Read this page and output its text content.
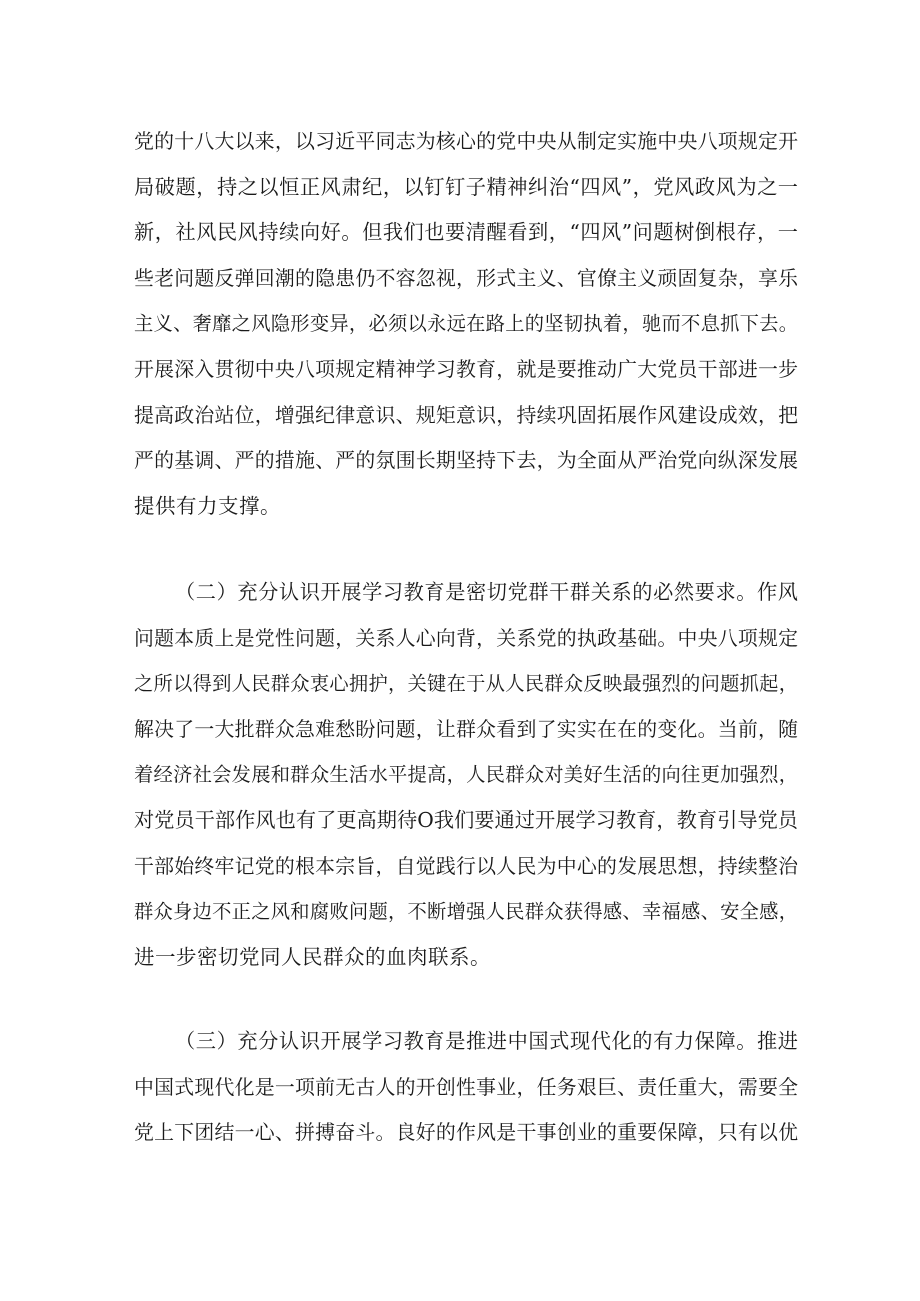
党的十八大以来，以习近平同志为核心的党中央从制定实施中央八项规定开
局破题，持之以恒正风肃纪，以钉钉子精神纠治“四风”，党风政风为之一
新，社风民风持续向好。但我们也要清醒看到，“四风”问题树倒根存，一
些老问题反弹回潮的隐患仍不容忽视，形式主义、官僚主义顽固复杂，享乐
主义、奢靡之风隐形变异，必须以永远在路上的坚韧执着，驰而不息抓下去。
开展深入贯彻中央八项规定精神学习教育，就是要推动广大党员干部进一步
提高政治站位，增强纪律意识、规矩意识，持续巩固拓展作风建设成效，把
严的基调、严的措施、严的氛围长期坚持下去，为全面从严治党向纵深发展
提供有力支撑。
（二）充分认识开展学习教育是密切党群干群关系的必然要求。作风
问题本质上是党性问题，关系人心向背，关系党的执政基础。中央八项规定
之所以得到人民群众衷心拥护，关键在于从人民群众反映最强烈的问题抓起，
解决了一大批群众急难愁盼问题，让群众看到了实实在在的变化。当前，随
着经济社会发展和群众生活水平提高，人民群众对美好生活的向往更加强烈，
对党员干部作风也有了更高期待O我们要通过开展学习教育，教育引导党员
干部始终牢记党的根本宗旨，自觉践行以人民为中心的发展思想，持续整治
群众身边不正之风和腐败问题，不断增强人民群众获得感、幸福感、安全感，
进一步密切党同人民群众的血肉联系。
（三）充分认识开展学习教育是推进中国式现代化的有力保障。推进
中国式现代化是一项前无古人的开创性事业，任务艰巨、责任重大，需要全
党上下团结一心、拼搏奋斗。良好的作风是干事创业的重要保障，只有以优
